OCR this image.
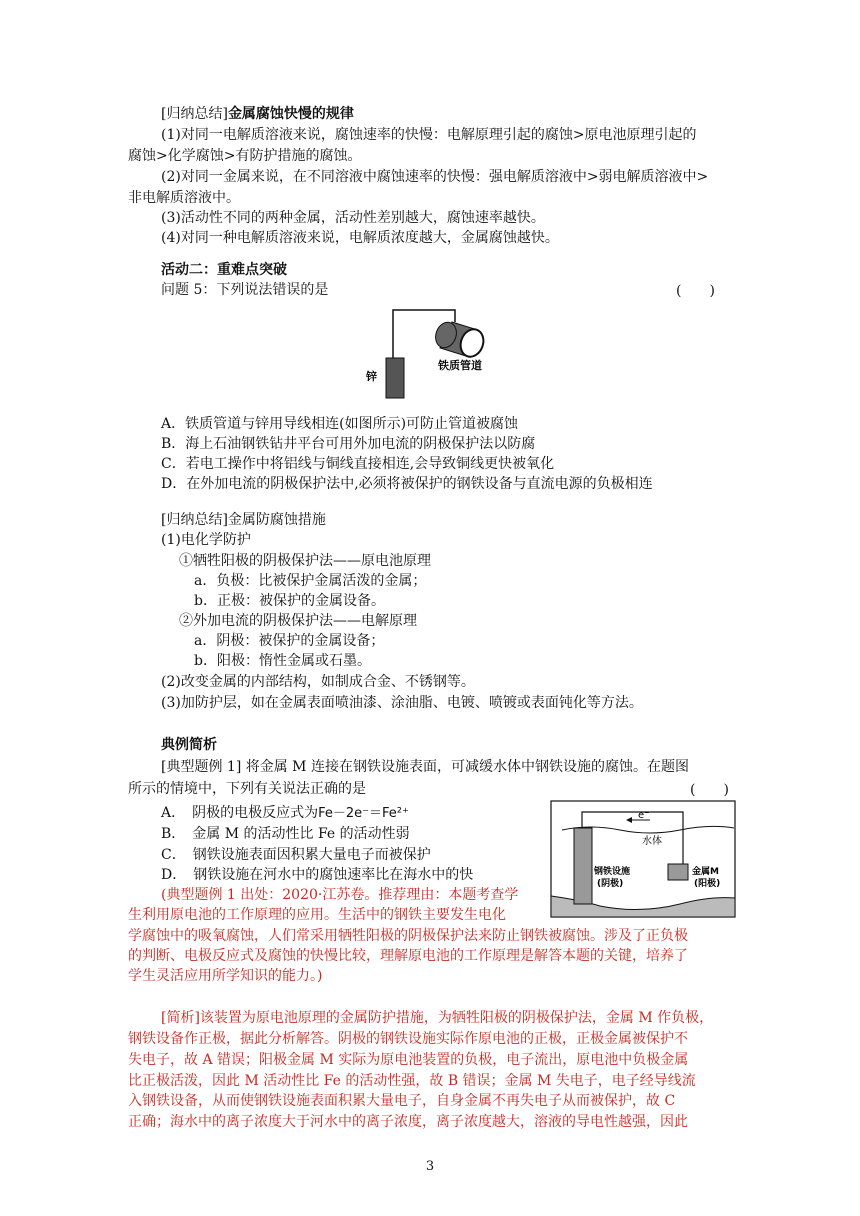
[归纳总结]金属腐蚀快慢的规律
(1)对同一电解质溶液来说，腐蚀速率的快慢：电解原理引起的腐蚀>原电池原理引起的
腐蚀>化学腐蚀>有防护措施的腐蚀。
(2)对同一金属来说，在不同溶液中腐蚀速率的快慢：强电解质溶液中>弱电解质溶液中>
非电解质溶液中。
(3)活动性不同的两种金属，活动性差别越大，腐蚀速率越快。
(4)对同一种电解质溶液来说，电解质浓度越大，金属腐蚀越快。
活动二：重难点突破
问题 5：下列说法错误的是	(　　)
锌
铁质管道
A．铁质管道与锌用导线相连(如图所示)可防止管道被腐蚀
B．海上石油钢铁钻井平台可用外加电流的阴极保护法以防腐
C．若电工操作中将铝线与铜线直接相连,会导致铜线更快被氧化
D．在外加电流的阴极保护法中,必须将被保护的钢铁设备与直流电源的负极相连
[归纳总结]金属防腐蚀措施
(1)电化学防护
①牺牲阳极的阴极保护法——原电池原理
a．负极：比被保护金属活泼的金属；
b．正极：被保护的金属设备。
②外加电流的阴极保护法——电解原理
a．阴极：被保护的金属设备；
b．阳极：惰性金属或石墨。
(2)改变金属的内部结构，如制成合金、不锈钢等。
(3)加防护层，如在金属表面喷油漆、涂油脂、电镀、喷镀或表面钝化等方法。
典例简析
[典型题例 1] 将金属 M 连接在钢铁设施表面，可减缓水体中钢铁设施的腐蚀。在题图
所示的情境中，下列有关说法正确的是	(　　)
A．　阴极的电极反应式为Fe－2e⁻＝Fe²⁺
B．　金属 M 的活动性比 Fe 的活动性弱
C．　钢铁设施表面因积累大量电子而被保护
D．　钢铁设施在河水中的腐蚀速率比在海水中的快
e⁻
水体
钢铁设施
(阴极)
金属M
(阳极)
(典型题例 1 出处：2020·江苏卷。推荐理由：本题考查学
生利用原电池的工作原理的应用。生活中的钢铁主要发生电化
学腐蚀中的吸氧腐蚀，人们常采用牺牲阳极的阴极保护法来防止钢铁被腐蚀。涉及了正负极
的判断、电极反应式及腐蚀的快慢比较，理解原电池的工作原理是解答本题的关键，培养了
学生灵活应用所学知识的能力。)
[简析]该装置为原电池原理的金属防护措施，为牺牲阳极的阴极保护法，金属 M 作负极，
钢铁设备作正极，据此分析解答。阴极的钢铁设施实际作原电池的正极，正极金属被保护不
失电子，故 A 错误；阳极金属 M 实际为原电池装置的负极，电子流出，原电池中负极金属
比正极活泼，因此 M 活动性比 Fe 的活动性强，故 B 错误；金属 M 失电子，电子经导线流
入钢铁设备，从而使钢铁设施表面积累大量电子，自身金属不再失电子从而被保护，故 C
正确；海水中的离子浓度大于河水中的离子浓度，离子浓度越大，溶液的导电性越强，因此
3
